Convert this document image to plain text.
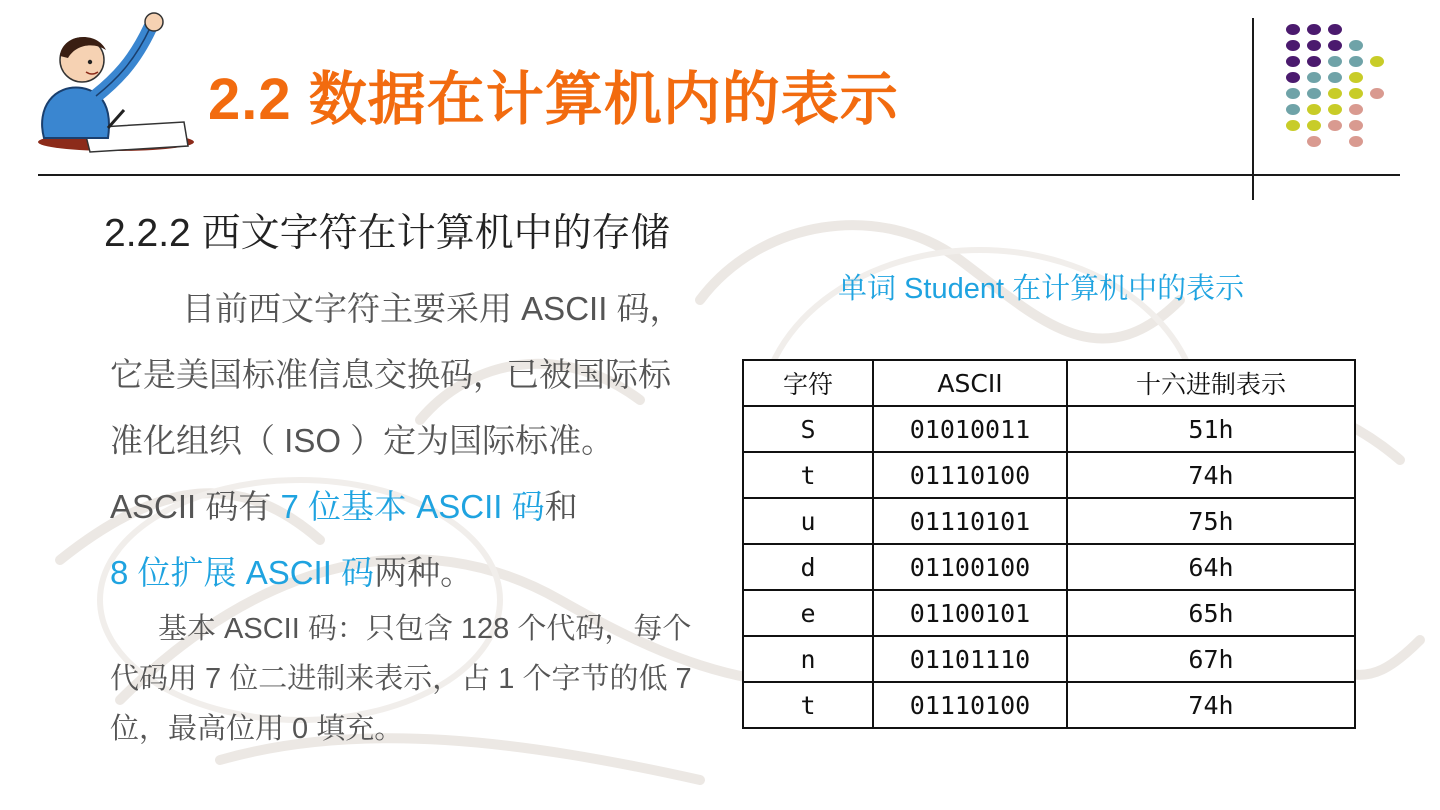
2.2 数据在计算机内的表示
2.2.2 西文字符在计算机中的存储

目前西文字符主要采用 ASCII 码，它是美国标准信息交换码，已被国际标准化组织（ ISO ）定为国际标准。 ASCII 码有 7 位基本 ASCII 码和
8 位扩展 ASCII 码两种。

基本 ASCII 码：只包含 128 个代码，每个代码用 7 位二进制来表示，占 1 个字节的低 7 位，最高位用 0 填充。

单词 Student 在计算机中的表示

字符	ASCII	十六进制表示
S	01010011	51h
t	01110100	74h
u	01110101	75h
d	01100100	64h
e	01100101	65h
n	01101110	67h
t	01110100	74h
